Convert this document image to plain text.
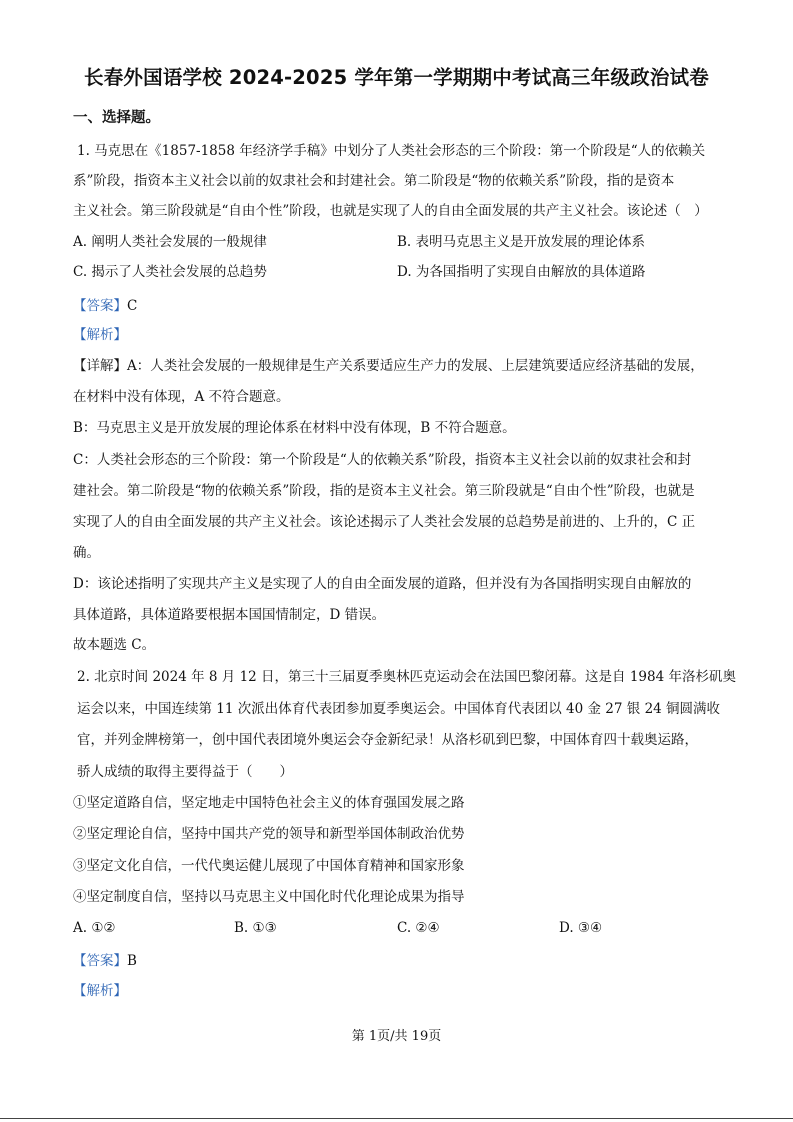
长春外国语学校 2024-2025 学年第一学期期中考试高三年级政治试卷
一、选择题。
1. 马克思在《1857-1858 年经济学手稿》中划分了人类社会形态的三个阶段：第一个阶段是“人的依赖关
系”阶段，指资本主义社会以前的奴隶社会和封建社会。第二阶段是“物的依赖关系”阶段，指的是资本
主义社会。第三阶段就是“自由个性”阶段，也就是实现了人的自由全面发展的共产主义社会。该论述（　）
A. 阐明人类社会发展的一般规律	B. 表明马克思主义是开放发展的理论体系
C. 揭示了人类社会发展的总趋势	D. 为各国指明了实现自由解放的具体道路
【答案】C
【解析】
【详解】A：人类社会发展的一般规律是生产关系要适应生产力的发展、上层建筑要适应经济基础的发展，
在材料中没有体现，A 不符合题意。
B：马克思主义是开放发展的理论体系在材料中没有体现，B 不符合题意。
C：人类社会形态的三个阶段：第一个阶段是“人的依赖关系”阶段，指资本主义社会以前的奴隶社会和封
建社会。第二阶段是“物的依赖关系”阶段，指的是资本主义社会。第三阶段就是“自由个性”阶段，也就是
实现了人的自由全面发展的共产主义社会。该论述揭示了人类社会发展的总趋势是前进的、上升的，C 正
确。
D：该论述指明了实现共产主义是实现了人的自由全面发展的道路，但并没有为各国指明实现自由解放的
具体道路，具体道路要根据本国国情制定，D 错误。
故本题选 C。
2. 北京时间 2024 年 8 月 12 日，第三十三届夏季奥林匹克运动会在法国巴黎闭幕。这是自 1984 年洛杉矶奥
运会以来，中国连续第 11 次派出体育代表团参加夏季奥运会。中国体育代表团以 40 金 27 银 24 铜圆满收
官，并列金牌榜第一，创中国代表团境外奥运会夺金新纪录！从洛杉矶到巴黎，中国体育四十载奥运路，
骄人成绩的取得主要得益于（　　）
①坚定道路自信，坚定地走中国特色社会主义的体育强国发展之路
②坚定理论自信，坚持中国共产党的领导和新型举国体制政治优势
③坚定文化自信，一代代奥运健儿展现了中国体育精神和国家形象
④坚定制度自信，坚持以马克思主义中国化时代化理论成果为指导
A. ①②	B. ①③	C. ②④	D. ③④
【答案】B
【解析】
第 1页/共 19页
